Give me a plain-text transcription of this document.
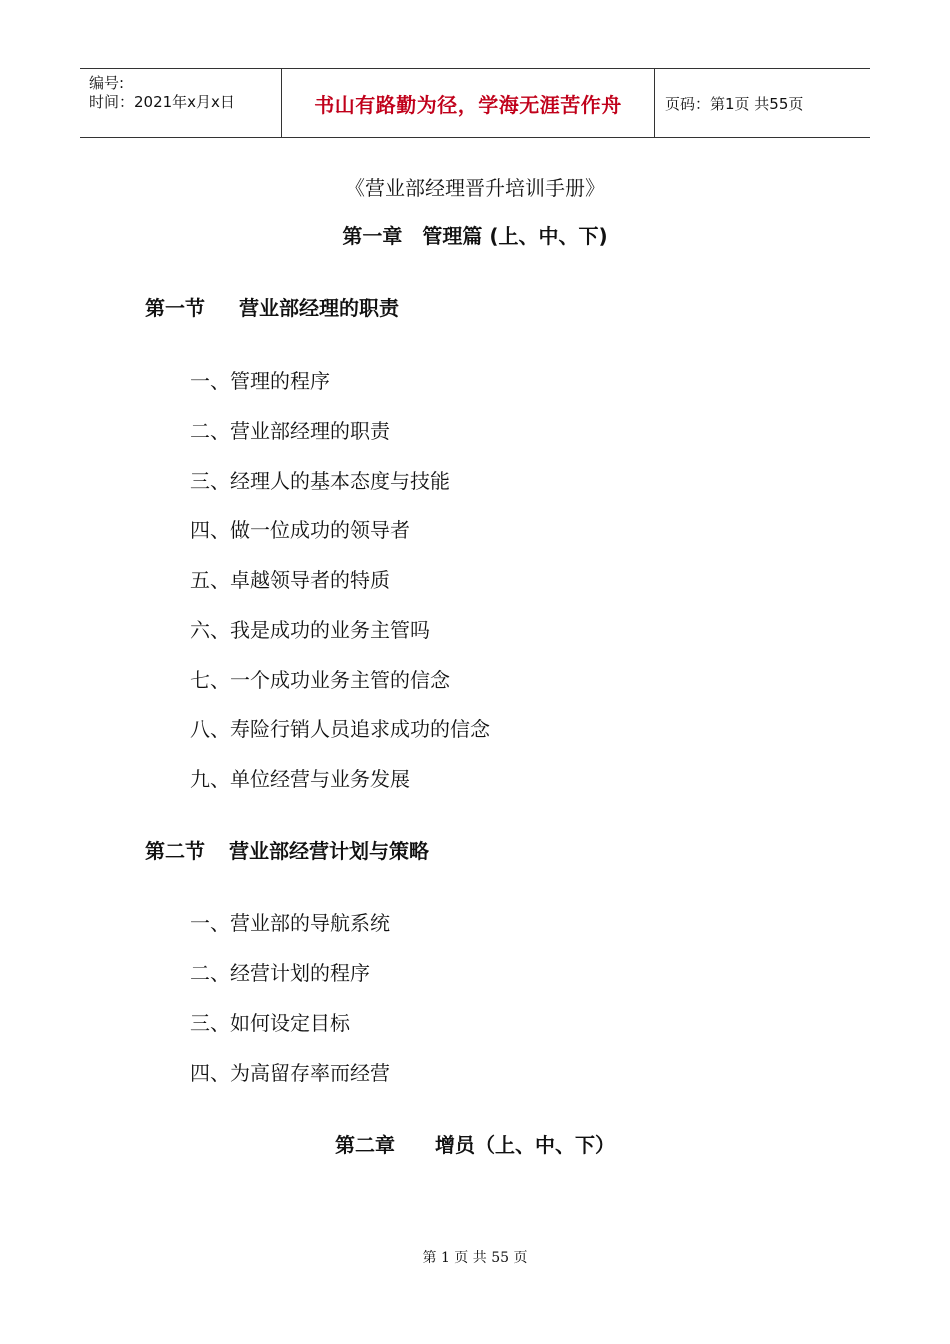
编号:
时间：2021年x月x日	书山有路勤为径，学海无涯苦作舟	页码：第1页 共55页
《营业部经理晋升培训手册》
第一章　管理篇 (上、中、下)
第一节 营业部经理的职责
一、管理的程序
二、营业部经理的职责
三、经理人的基本态度与技能
四、做一位成功的领导者
五、卓越领导者的特质
六、我是成功的业务主管吗
七、一个成功业务主管的信念
八、寿险行销人员追求成功的信念
九、单位经营与业务发展
第二节 营业部经营计划与策略
一、营业部的导航系统
二、经营计划的程序
三、如何设定目标
四、为高留存率而经营
第二章　　增员（上、中、下）
第 1 页 共 55 页
